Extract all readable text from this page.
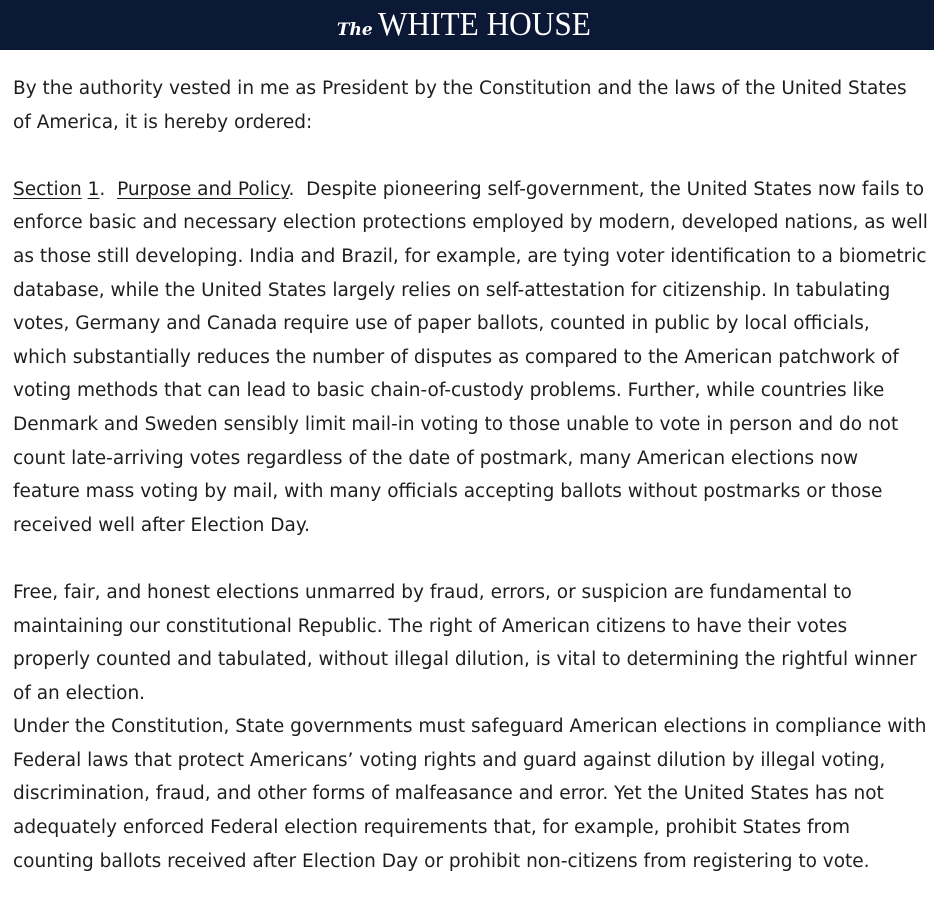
The WHITE HOUSE

By the authority vested in me as President by the Constitution and the laws of the United States of America, it is hereby ordered:

Section 1. Purpose and Policy. Despite pioneering self-government, the United States now fails to enforce basic and necessary election protections employed by modern, developed nations, as well as those still developing. India and Brazil, for example, are tying voter identification to a biometric database, while the United States largely relies on self-attestation for citizenship. In tabulating votes, Germany and Canada require use of paper ballots, counted in public by local officials, which substantially reduces the number of disputes as compared to the American patchwork of voting methods that can lead to basic chain-of-custody problems. Further, while countries like Denmark and Sweden sensibly limit mail-in voting to those unable to vote in person and do not count late-arriving votes regardless of the date of postmark, many American elections now feature mass voting by mail, with many officials accepting ballots without postmarks or those received well after Election Day.

Free, fair, and honest elections unmarred by fraud, errors, or suspicion are fundamental to maintaining our constitutional Republic. The right of American citizens to have their votes properly counted and tabulated, without illegal dilution, is vital to determining the rightful winner of an election.

Under the Constitution, State governments must safeguard American elections in compliance with Federal laws that protect Americans’ voting rights and guard against dilution by illegal voting, discrimination, fraud, and other forms of malfeasance and error. Yet the United States has not adequately enforced Federal election requirements that, for example, prohibit States from counting ballots received after Election Day or prohibit non-citizens from registering to vote.
